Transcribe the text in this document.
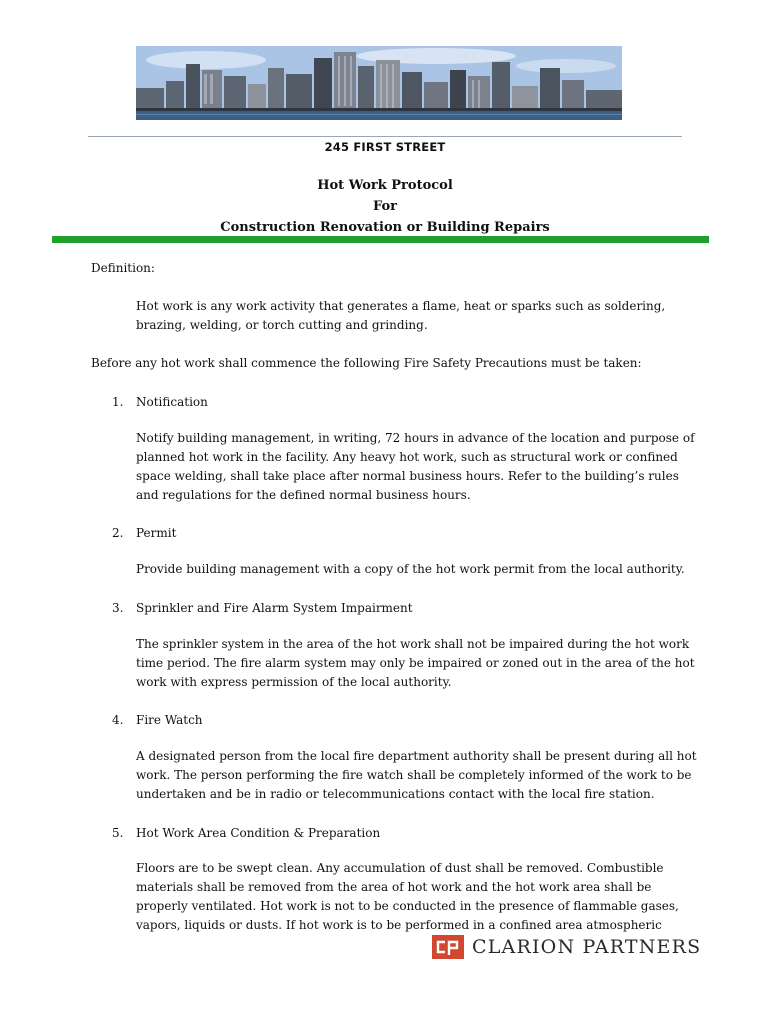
245 FIRST STREET
Hot Work Protocol
For
Construction Renovation or Building Repairs
Definition:
Hot work is any work activity that generates a flame, heat or sparks such as soldering,
brazing, welding, or torch cutting and grinding.
Before any hot work shall commence the following Fire Safety Precautions must be taken:
1. Notification
Notify building management, in writing, 72 hours in advance of the location and purpose of
planned hot work in the facility. Any heavy hot work, such as structural work or confined
space welding, shall take place after normal business hours. Refer to the building’s rules
and regulations for the defined normal business hours.
2. Permit
Provide building management with a copy of the hot work permit from the local authority.
3. Sprinkler and Fire Alarm System Impairment
The sprinkler system in the area of the hot work shall not be impaired during the hot work
time period. The fire alarm system may only be impaired or zoned out in the area of the hot
work with express permission of the local authority.
4. Fire Watch
A designated person from the local fire department authority shall be present during all hot
work. The person performing the fire watch shall be completely informed of the work to be
undertaken and be in radio or telecommunications contact with the local fire station.
5. Hot Work Area Condition & Preparation
Floors are to be swept clean. Any accumulation of dust shall be removed. Combustible
materials shall be removed from the area of hot work and the hot work area shall be
properly ventilated. Hot work is not to be conducted in the presence of flammable gases,
vapors, liquids or dusts. If hot work is to be performed in a confined area atmospheric
CLARION PARTNERS
